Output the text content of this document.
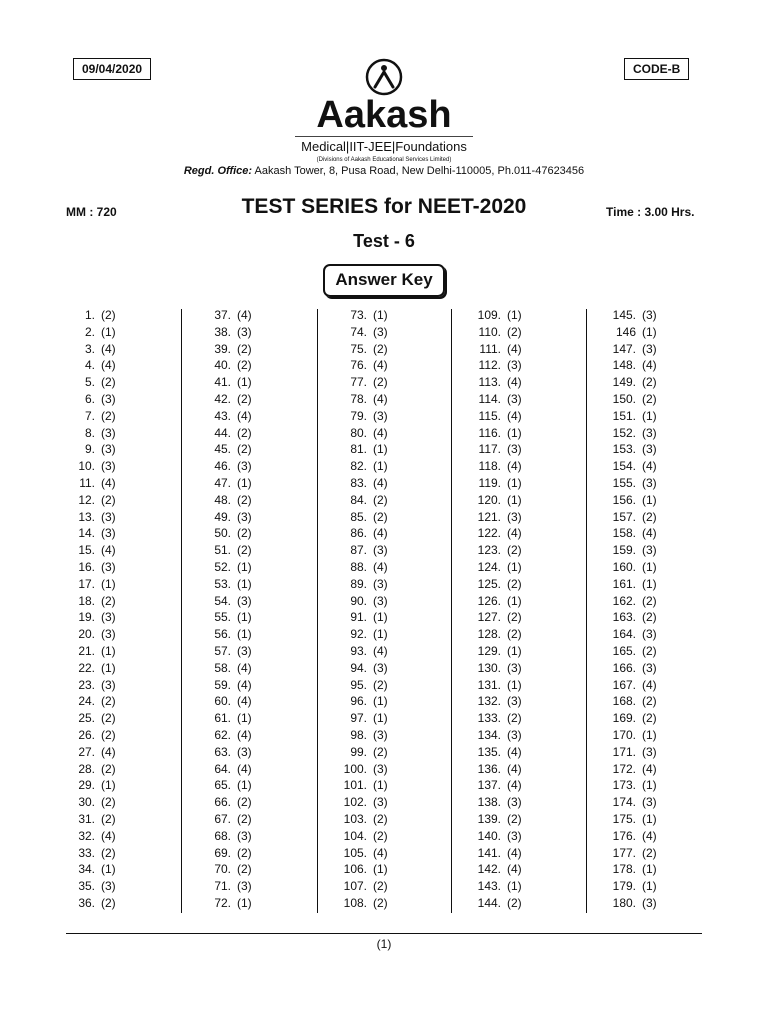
09/04/2020	CODE-B
Aakash
Medical|IIT-JEE|Foundations
(Divisions of Aakash Educational Services Limited)
Regd. Office: Aakash Tower, 8, Pusa Road, New Delhi-110005, Ph.011-47623456
MM : 720	TEST SERIES for NEET-2020	Time : 3.00 Hrs.
Test - 6
Answer Key
1. (2)
2. (1)
3. (4)
4. (4)
5. (2)
6. (3)
7. (2)
8. (3)
9. (3)
10. (3)
11. (4)
12. (2)
13. (3)
14. (3)
15. (4)
16. (3)
17. (1)
18. (2)
19. (3)
20. (3)
21. (1)
22. (1)
23. (3)
24. (2)
25. (2)
26. (2)
27. (4)
28. (2)
29. (1)
30. (2)
31. (2)
32. (4)
33. (2)
34. (1)
35. (3)
36. (2)
37. (4)
38. (3)
39. (2)
40. (2)
41. (1)
42. (2)
43. (4)
44. (2)
45. (2)
46. (3)
47. (1)
48. (2)
49. (3)
50. (2)
51. (2)
52. (1)
53. (1)
54. (3)
55. (1)
56. (1)
57. (3)
58. (4)
59. (4)
60. (4)
61. (1)
62. (4)
63. (3)
64. (4)
65. (1)
66. (2)
67. (2)
68. (3)
69. (2)
70. (2)
71. (3)
72. (1)
73. (1)
74. (3)
75. (2)
76. (4)
77. (2)
78. (4)
79. (3)
80. (4)
81. (1)
82. (1)
83. (4)
84. (2)
85. (2)
86. (4)
87. (3)
88. (4)
89. (3)
90. (3)
91. (1)
92. (1)
93. (4)
94. (3)
95. (2)
96. (1)
97. (1)
98. (3)
99. (2)
100. (3)
101. (1)
102. (3)
103. (2)
104. (2)
105. (4)
106. (1)
107. (2)
108. (2)
109. (1)
110. (2)
111. (4)
112. (3)
113. (4)
114. (3)
115. (4)
116. (1)
117. (3)
118. (4)
119. (1)
120. (1)
121. (3)
122. (4)
123. (2)
124. (1)
125. (2)
126. (1)
127. (2)
128. (2)
129. (1)
130. (3)
131. (1)
132. (3)
133. (2)
134. (3)
135. (4)
136. (4)
137. (4)
138. (3)
139. (2)
140. (3)
141. (4)
142. (4)
143. (1)
144. (2)
145. (3)
146 (1)
147. (3)
148. (4)
149. (2)
150. (2)
151. (1)
152. (3)
153. (3)
154. (4)
155. (3)
156. (1)
157. (2)
158. (4)
159. (3)
160. (1)
161. (1)
162. (2)
163. (2)
164. (3)
165. (2)
166. (3)
167. (4)
168. (2)
169. (2)
170. (1)
171. (3)
172. (4)
173. (1)
174. (3)
175. (1)
176. (4)
177. (2)
178. (1)
179. (1)
180. (3)
(1)
